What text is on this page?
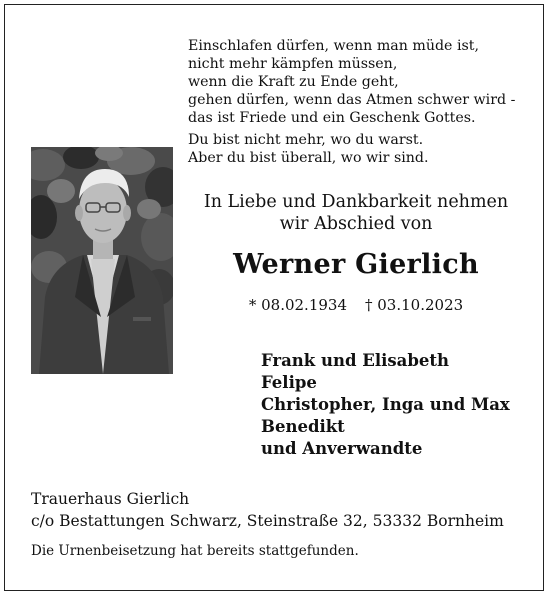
Einschlafen dürfen, wenn man müde ist,
nicht mehr kämpfen müssen,
wenn die Kraft zu Ende geht,
gehen dürfen, wenn das Atmen schwer wird -
das ist Friede und ein Geschenk Gottes.
Du bist nicht mehr, wo du warst.
Aber du bist überall, wo wir sind.
In Liebe und Dankbarkeit nehmen
wir Abschied von
Werner Gierlich
* 08.02.1934 † 03.10.2023
Frank und Elisabeth
Felipe
Christopher, Inga und Max
Benedikt
und Anverwandte
Trauerhaus Gierlich
c/o Bestattungen Schwarz, Steinstraße 32, 53332 Bornheim
Die Urnenbeisetzung hat bereits stattgefunden.
